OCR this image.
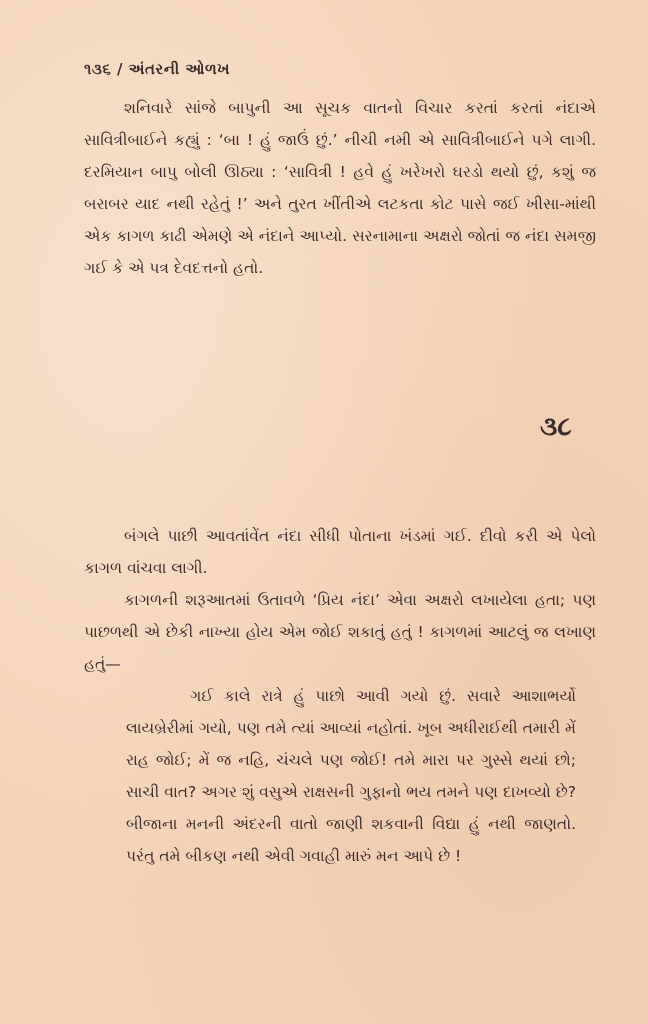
૧૩૬ / અંતરની ઓળખ

શનિવારે સાંજે બાપુની આ સૂચક વાતનો વિચાર કરતાં કરતાં નંદાએ સાવિત્રીબાઈને કહ્યું : ‘બા ! હું જાઉં છું.’ નીચી નમી એ સાવિત્રીબાઈને પગે લાગી. દરમિયાન બાપુ બોલી ઊઠ્યા : ‘સાવિત્રી ! હવે હું ખરેખરો ઘરડો થયો છું, કશું જ બરાબર યાદ નથી રહેતું !’ અને તુરત ખીંતીએ લટકતા કોટ પાસે જઈ ખીસા-માંથી એક કાગળ કાઢી એમણે એ નંદાને આપ્યો. સરનામાના અક્ષરો જોતાં જ નંદા સમજી ગઈ કે એ પત્ર દેવદત્તનો હતો.

૩૮

બંગલે પાછી આવતાંવેંત નંદા સીધી પોતાના ખંડમાં ગઈ. દીવો કરી એ પેલો કાગળ વાંચવા લાગી.

કાગળની શરૂઆતમાં ઉતાવળે ‘પ્રિય નંદા’ એવા અક્ષરો લખાયેલા હતા; પણ પાછળથી એ છેકી નાખ્યા હોય એમ જોઈ શકાતું હતું ! કાગળમાં આટલું જ લખાણ હતું—

ગઈ કાલે રાત્રે હું પાછો આવી ગયો છું. સવારે આશાભર્યો લાયબ્રેરીમાં ગયો, પણ તમે ત્યાં આવ્યાં નહોતાં. ખૂબ અધીરાઈથી તમારી મેં રાહ જોઈ; મેં જ નહિ, ચંચલે પણ જોઈ! તમે મારા પર ગુસ્સે થયાં છો; સાચી વાત? અગર શું વસુએ રાક્ષસની ગુફાનો ભય તમને પણ દાખવ્યો છે? બીજાના મનની અંદરની વાતો જાણી શકવાની વિદ્યા હું નથી જાણતો. પરંતુ તમે બીકણ નથી એવી ગવાહી મારું મન આપે છે !
